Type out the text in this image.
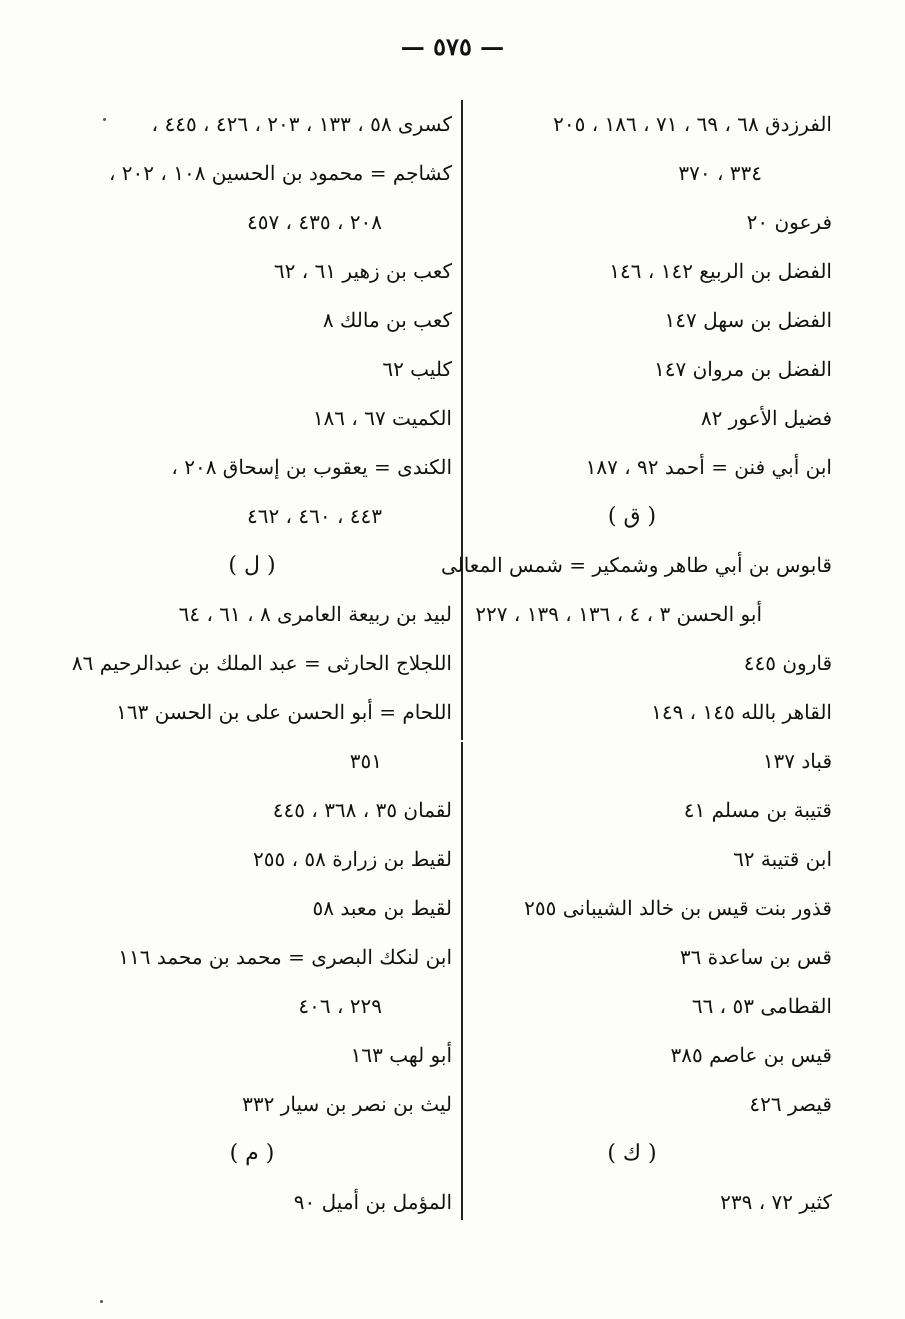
— ٥٧٥ —
الفرزدق ٦٨ ، ٦٩ ، ٧١ ، ١٨٦ ، ٢٠٥
٣٣٤ ، ٣٧٠
فرعون ٢٠
الفضل بن الربيع ١٤٢ ، ١٤٦
الفضل بن سهل ١٤٧
الفضل بن مروان ١٤٧
فضيل الأعور ٨٢
ابن أبي فنن = أحمد ٩٢ ، ١٨٧
( ق )
قابوس بن أبي طاهر وشمكير = شمس المعالى
أبو الحسن ٣ ، ٤ ، ١٣٦ ، ١٣٩ ، ٢٢٧
قارون ٤٤٥
القاهر بالله ١٤٥ ، ١٤٩
قباد ١٣٧
قتيبة بن مسلم ٤١
ابن قتيبة ٦٢
قذور بنت قيس بن خالد الشيبانى ٢٥٥
قس بن ساعدة ٣٦
القطامى ٥٣ ، ٦٦
قيس بن عاصم ٣٨٥
قيصر ٤٢٦
( ك )
كثير ٧٢ ، ٢٣٩
كسرى ٥٨ ، ١٣٣ ، ٢٠٣ ، ٤٢٦ ، ٤٤٥ ،
كشاجم = محمود بن الحسين ١٠٨ ، ٢٠٢ ،
٢٠٨ ، ٤٣٥ ، ٤٥٧
كعب بن زهير ٦١ ، ٦٢
كعب بن مالك ٨
كليب ٦٢
الكميت ٦٧ ، ١٨٦
الكندى = يعقوب بن إسحاق ٢٠٨ ،
٤٤٣ ، ٤٦٠ ، ٤٦٢
( ل )
لبيد بن ربيعة العامرى ٨ ، ٦١ ، ٦٤
اللجلاج الحارثى = عبد الملك بن عبدالرحيم ٨٦
اللحام = أبو الحسن على بن الحسن ١٦٣
٣٥١
لقمان ٣٥ ، ٣٦٨ ، ٤٤٥
لقيط بن زرارة ٥٨ ، ٢٥٥
لقيط بن معبد ٥٨
ابن لنكك البصرى = محمد بن محمد ١١٦
٢٢٩ ، ٤٠٦
أبو لهب ١٦٣
ليث بن نصر بن سيار ٣٣٢
( م )
المؤمل بن أميل ٩٠
